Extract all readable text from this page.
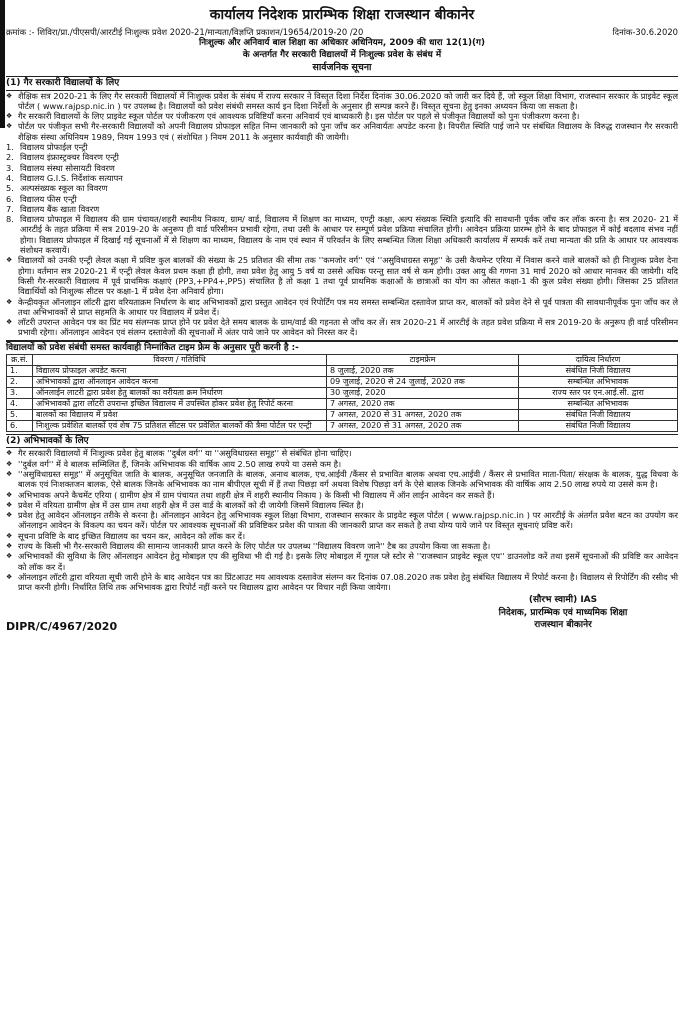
कार्यालय निदेशक प्रारम्भिक शिक्षा राजस्थान बीकानेर
क्रमांक :- शिविरा/प्रा./पीएसपी/आरटीई निःशुल्क प्रवेश 2020-21/मान्यता/विज्ञप्ति प्रकाशन/19654/2019-20 /20	दिनांक-30.6.2020
निःशुल्क और अनिवार्य बाल शिक्षा का अधिकार अधिनियम, 2009 की धारा 12(1)(ग)
के अन्तर्गत गैर सरकारी विद्यालयों में निःशुल्क प्रवेश के संबंध में
सार्वजनिक सूचना
(1) गैर सरकारी विद्यालयों के लिए
❖ शैक्षिक सत्र 2020-21 के लिए गैर सरकारी विद्यालयों में निःशुल्क प्रवेश के संबंध में राज्य सरकार ने विस्तृत दिशा निर्देश दिनांक 30.06.2020 को जारी कर दिये हैं, जो स्कूल शिक्षा विभाग, राजस्थान सरकार के प्राइवेट स्कूल पोर्टल ( www.rajpsp.nic.in ) पर उपलब्ध है। विद्यालयों को प्रवेश संबंधी समस्त कार्य इन दिशा निर्देशों के अनुसार ही सम्पन्न करने हैं। विस्तृत सूचना हेतु इनका अध्ययन किया जा सकता है।
❖ गैर सरकारी विद्यालयों के लिए प्राइवेट स्कूल पोर्टल पर पंजीकरण एवं आवश्यक प्रविष्टियाँ करना अनिवार्य एवं बाध्यकारी है। इस पोर्टल पर पहले से पंजीकृत विद्यालयों को पुनः पंजीकरण करना है।
❖ पोर्टल पर पंजीकृत सभी गैर-सरकारी विद्यालयों को अपनी विद्यालय प्रोफाइल सहित निम्न जानकारी को पुनः जाँच कर अनिवार्यतः अपडेट करना है। विपरीत स्थिति पाई जाने पर संबंधित विद्यालय के विरुद्ध राजस्थान गैर सरकारी शैक्षिक संस्था अधिनियम 1989, नियम 1993 एवं ( संशोधित ) नियम 2011 के अनुसार कार्यवाही की जायेगी।
1. विद्यालय प्रोफाईल एन्ट्री
2. विद्यालय इंफ्रास्ट्रक्चर विवरण एन्ट्री
3. विद्यालय संस्था सोसायटी विवरण
4. विद्यालय G.I.S. निर्देशांक सत्यापन
5. अल्पसंख्यक स्कूल का विवरण
6. विद्यालय फीस एन्ट्री
7. विद्यालय बैंक खाता विवरण
8. विद्यालय प्रोफाइल में विद्यालय की ग्राम पंचायत/शहरी स्थानीय निकाय, ग्राम/ वार्ड, विद्यालय में शिक्षण का माध्यम, एण्ट्री कक्षा, अल्प संख्यक स्थिति इत्यादि की सावधानी पूर्वक जाँच कर लॉक करना है। सत्र 2020- 21 में आरटीई के तहत प्रक्रिया में सत्र 2019-20 के अनुरूप ही वार्ड परिसीमन प्रभावी रहेगा, तथा उसी के आधार पर सम्पूर्ण प्रवेश प्रक्रिया संचालित होगी। आवेदन प्रक्रिया प्रारम्भ होने के बाद प्रोफाइल में कोई बदलाव संभव नहीं होगा। विद्यालय प्रोफाइल में दिखाई गई सूचनाओं में से शिक्षण का माध्यम, विद्यालय के नाम एवं स्थान में परिवर्तन के लिए सम्बन्धित जिला शिक्षा अधिकारी कार्यालय में सम्पर्क करें तथा मान्यता की प्रति के आधार पर आवश्यक संशोधन करवायें।
❖ विद्यालयों को उनकी एन्ट्री लेवल कक्षा में प्रविष्ट कुल बालकों की संख्या के 25 प्रतिशत की सीमा तक ''कमजोर वर्ग'' एवं ''असुविधाग्रस्त समूह'' के उसी कैचमेन्ट एरिया में निवास करने वाले बालकों को ही निःशुल्क प्रवेश देना होगा। वर्तमान सत्र 2020-21 में एन्ट्री लेवल केवल प्रथम कक्षा ही होगी, तथा प्रवेश हेतु आयु 5 वर्ष या उससे अधिक परन्तु सात वर्ष से कम होगी। उक्त आयु की गणना 31 मार्च 2020 को आधार मानकर की जायेगी। यदि किसी गैर-सरकारी विद्यालय में पूर्व प्राथमिक कक्षाएं (PP3,+PP4+,PP5) संचालित है तो कक्षा 1 तथा पूर्व प्राथमिक कक्षाओं के छात्राओं का योग का औसत कक्षा-1 की कुल प्रवेश संख्या होगी। जिसका 25 प्रतिशत विद्यार्थियों को निःशुल्क सीटस पर कक्षा-1 में प्रवेश देना अनिवार्य होगा।
❖ केन्द्रीयकृत ऑनलाइन लॉटरी द्वारा वरियताक्रम निर्धारण के बाद अभिभावकों द्वारा प्रस्तुत आवेदन एवं रिपोर्टिंग पत्र मय समस्त सम्बन्धित दस्तावेज प्राप्त कर, बालकों को प्रवेश देने से पूर्व पात्रता की सावधानीपूर्वक पुनः जाँच कर ले तथा अभिभावकों से प्राप्त सहमति के आधार पर विद्यालय में प्रवेश दें।
❖ लॉटरी उपरान्त आवेदन पत्र का प्रिंट मय संलग्नक प्राप्त होने पर प्रवेश देते समय बालक के ग्राम/वार्ड की गहनता से जाँच कर लें। सत्र 2020-21 में आरटीई के तहत प्रवेश प्रक्रिया में सत्र 2019-20 के अनुरूप ही वार्ड परिसीमन प्रभावी रहेगा। ऑनलाइन आवेदन एवं संलग्न दस्तावेजों की सूचनाओं में अंतर पाये जाने पर आवेदन को निरस्त कर दें।
विद्यालयों को प्रवेश संबंधी समस्त कार्यवाही निम्नांकित टाइम फ्रेम के अनुसार पूरी करनी है :-
क्र.सं.	विवरण / गतिविधि	टाइमफ्रेम	दायित्व निर्धारण
1.	विद्यालय प्रोफाइल अपडेट करना	8 जुलाई, 2020 तक	संबंधित निजी विद्यालय
2.	अभिभावकों द्वारा ऑनलाइन आवेदन करना	09 जुलाई, 2020 से 24 जुलाई, 2020 तक	सम्बन्धित अभिभावक
3.	ऑनलाईन लाटरी द्वारा प्रवेश हेतु बालकों का वरीयता क्रम निर्धारण	30 जुलाई, 2020	राज्य स्तर पर एन.आई.सी. द्वारा
4.	अभिभावकों द्वारा लॉटरी उपरान्त इच्छित विद्यालय में उपस्थित होकर प्रवेश हेतु रिपोर्ट करना	7 अगस्त, 2020 तक	सम्बन्धित अभिभावक
5.	बालकों का विद्यालय में प्रवेश	7 अगस्त, 2020 से 31 अगस्त, 2020 तक	संबंधित निजी विद्यालय
6.	निःशुल्क प्रवेशित बालकों एवं शेष 75 प्रतिशत सीटस पर प्रवेशित बालकों की त्रैमा पोर्टल पर एन्ट्री	7 अगस्त, 2020 से 31 अगस्त, 2020 तक	संबंधित निजी विद्यालय
(2) अभिभावकों के लिए
❖ गैर सरकारी विद्यालयों में निःशुल्क प्रवेश हेतु बालक ''दुर्बल वर्ग'' या ''असुविधाग्रस्त समूह'' से संबंधित होना चाहिए।
❖ ''दुर्बल वर्ग'' में वे बालक सम्मिलित हैं, जिनके अभिभावक की वार्षिक आय 2.50 लाख रुपये या उससे कम है।
❖ ''असुविधाग्रस्त समूह'' में अनुसूचित जाति के बालक, अनुसूचित जनजाति के बालक, अनाथ बालक, एच.आईवी /कैंसर से प्रभावित बालक अथवा एच.आईवी / कैंसर से प्रभावित माता-पिता/ संरक्षक के बालक, युद्ध विधवा के बालक एवं निःशक्तजन बालक, ऐसे बालक जिनके अभिभावक का नाम बीपीएल सूची में हैं तथा पिछड़ा वर्ग अथवा विशेष पिछड़ा वर्ग के ऐसे बालक जिनके अभिभावक की वार्षिक आय 2.50 लाख रुपये या उससे कम है।
❖ अभिभावक अपने कैचमेंट एरिया ( ग्रामीण क्षेत्र में ग्राम पंचायत तथा शहरी क्षेत्र में शहरी स्थानीय निकाय ) के किसी भी विद्यालय में ऑन लाईन आवेदन कर सकते हैं।
❖ प्रवेश में वरियता ग्रामीण क्षेत्र में उस ग्राम तथा शहरी क्षेत्र में उस वार्ड के बालकों को दी जायेगी जिसमें विद्यालय स्थित है।
❖ प्रवेश हेतु आवेदन ऑनलाइन तरीके से करना है। ऑनलाइन आवेदन हेतु अभिभावक स्कूल शिक्षा विभाग, राजस्थान सरकार के प्राइवेट स्कूल पोर्टल ( www.rajpsp.nic.in ) पर आरटीई के अंतर्गत प्रवेश बटन का उपयोग कर ऑनलाइन आवेदन के विकल्प का चयन करें। पोर्टल पर आवश्यक सूचनाओं की प्रविष्टिकर प्रवेश की पात्रता की जानकारी प्राप्त कर सकते है तथा योग्य पाये जाने पर विस्तृत सूचनाएं प्रविष्ट करें।
❖ सूचना प्रविष्टि के बाद इच्छित विद्यालय का चयन कर, आवेदन को लॉक कर दें।
❖ राज्य के किसी भी गैर-सरकारी विद्यालय की सामान्य जानकारी प्राप्त करने के लिए पोर्टल पर उपलब्ध ''विद्यालय विवरण जाने'' टैब का उपयोग किया जा सकता है।
❖ अभिभावकों की सुविधा के लिए ऑनलाइन आवेदन हेतु मोबाइल एप की सुविधा भी दी गई है। इसके लिए मोबाइल में गूगल प्ले स्टोर से ''राजस्थान प्राइवेट स्कूल एप'' डाउनलोड करें तथा इसमें सूचनाओं की प्रविष्टि कर आवेदन को लॉक कर दें।
❖ ऑनलाइन लॉटरी द्वारा वरियता सूची जारी होने के बाद आवेदन पत्र का प्रिंटआउट मय आवश्यक दस्तावेज संलग्न कर दिनांक 07.08.2020 तक प्रवेश हेतु संबंधित विद्यालय में रिपोर्ट करना है। विद्यालय से रिपोर्टिंग की रसीद भी प्राप्त करनी होगी। निर्धारित तिथि तक अभिभावक द्वारा रिपोर्ट नहीं करने पर विद्यालय द्वारा आवेदन पर विचार नहीं किया जायेगा।
DIPR/C/4967/2020
(सौरभ स्वामी) IAS
निदेशक, प्रारम्भिक एवं माध्यमिक शिक्षा
राजस्थान बीकानेर
